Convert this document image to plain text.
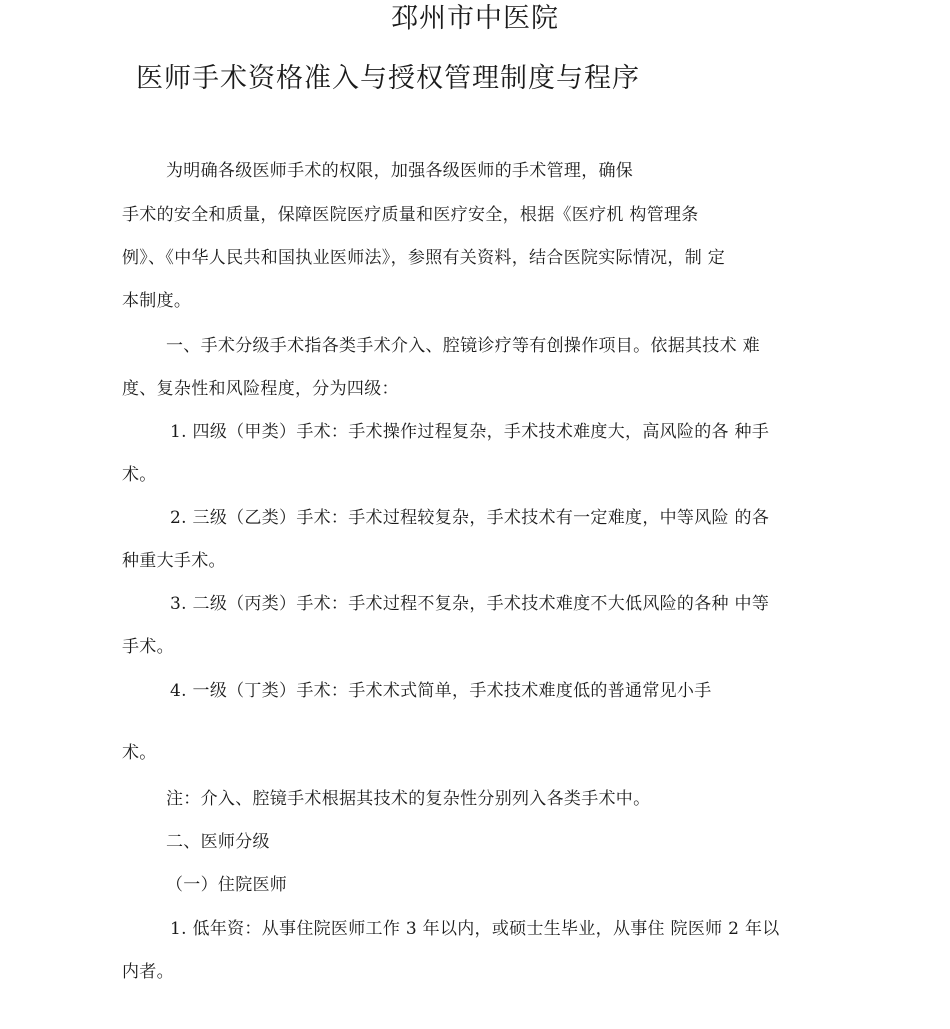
邳州市中医院
医师手术资格准入与授权管理制度与程序
为明确各级医师手术的权限，加强各级医师的手术管理，确保
手术的安全和质量，保障医院医疗质量和医疗安全，根据《医疗机 构管理条
例》、《中华人民共和国执业医师法》，参照有关资料，结合医院实际情况，制 定
本制度。
一、手术分级手术指各类手术介入、腔镜诊疗等有创操作项目。依据其技术 难
度、复杂性和风险程度，分为四级：
1. 四级（甲类）手术：手术操作过程复杂，手术技术难度大，高风险的各 种手
术。
2. 三级（乙类）手术：手术过程较复杂，手术技术有一定难度，中等风险 的各
种重大手术。
3. 二级（丙类）手术：手术过程不复杂，手术技术难度不大低风险的各种 中等
手术。
4. 一级（丁类）手术：手术术式简单，手术技术难度低的普通常见小手
术。
注：介入、腔镜手术根据其技术的复杂性分别列入各类手术中。
二、医师分级
（一）住院医师
1. 低年资：从事住院医师工作 3 年以内，或硕士生毕业，从事住 院医师 2 年以
内者。
